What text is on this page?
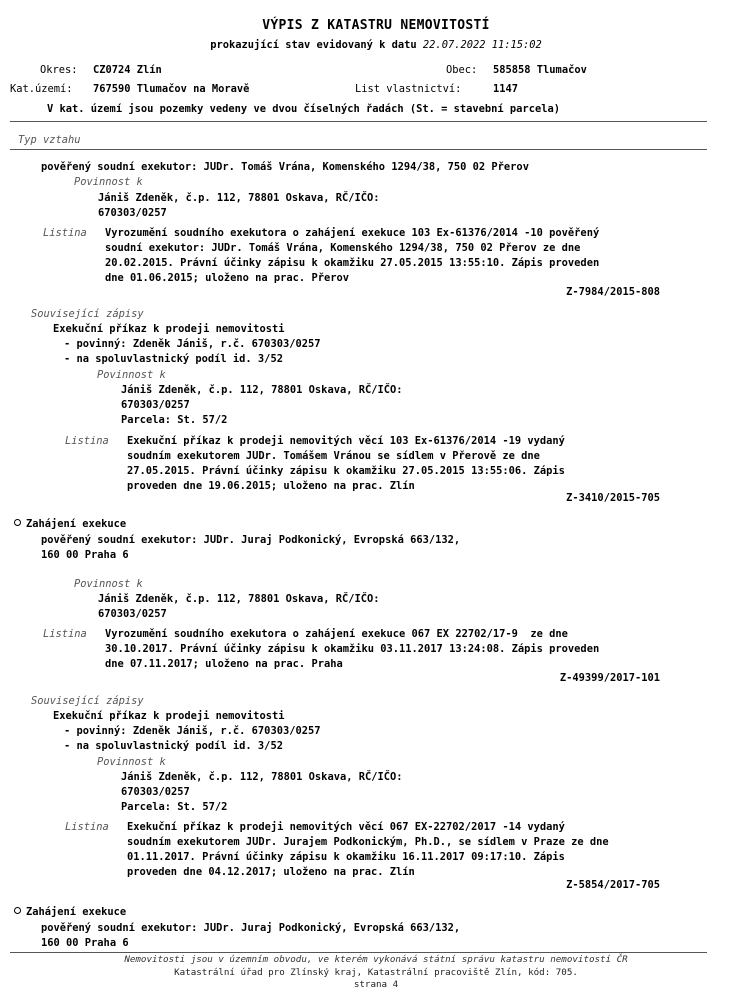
VÝPIS Z KATASTRU NEMOVITOSTÍ
prokazující stav evidovaný k datu 22.07.2022 11:15:02
Okres: CZ0724 Zlín	Obec: 585858 Tlumačov
Kat.území: 767590 Tlumačov na Moravě	List vlastnictví:	1147
V kat. území jsou pozemky vedeny ve dvou číselných řadách (St. = stavební parcela)
Typ vztahu
pověřený soudní exekutor: JUDr. Tomáš Vrána, Komenského 1294/38, 750 02 Přerov
Povinnost k
Jániš Zdeněk, č.p. 112, 78801 Oskava, RČ/IČO:
670303/0257
Listina Vyrozumění soudního exekutora o zahájení exekuce 103 Ex-61376/2014 -10 pověřený
soudní exekutor: JUDr. Tomáš Vrána, Komenského 1294/38, 750 02 Přerov ze dne
20.02.2015. Právní účinky zápisu k okamžiku 27.05.2015 13:55:10. Zápis proveden
dne 01.06.2015; uloženo na prac. Přerov
Z-7984/2015-808
Související zápisy
Exekuční příkaz k prodeji nemovitosti
- povinný: Zdeněk Jániš, r.č. 670303/0257
- na spoluvlastnický podíl id. 3/52
Povinnost k
Jániš Zdeněk, č.p. 112, 78801 Oskava, RČ/IČO:
670303/0257
Parcela: St. 57/2
Listina Exekuční příkaz k prodeji nemovitých věcí 103 Ex-61376/2014 -19 vydaný
soudním exekutorem JUDr. Tomášem Vránou se sídlem v Přerově ze dne
27.05.2015. Právní účinky zápisu k okamžiku 27.05.2015 13:55:06. Zápis
proveden dne 19.06.2015; uloženo na prac. Zlín
Z-3410/2015-705
Zahájení exekuce
pověřený soudní exekutor: JUDr. Juraj Podkonický, Evropská 663/132,
160 00 Praha 6
Povinnost k
Jániš Zdeněk, č.p. 112, 78801 Oskava, RČ/IČO:
670303/0257
Listina Vyrozumění soudního exekutora o zahájení exekuce 067 EX 22702/17-9  ze dne
30.10.2017. Právní účinky zápisu k okamžiku 03.11.2017 13:24:08. Zápis proveden
dne 07.11.2017; uloženo na prac. Praha
Z-49399/2017-101
Související zápisy
Exekuční příkaz k prodeji nemovitosti
- povinný: Zdeněk Jániš, r.č. 670303/0257
- na spoluvlastnický podíl id. 3/52
Povinnost k
Jániš Zdeněk, č.p. 112, 78801 Oskava, RČ/IČO:
670303/0257
Parcela: St. 57/2
Listina Exekuční příkaz k prodeji nemovitých věcí 067 EX-22702/2017 -14 vydaný
soudním exekutorem JUDr. Jurajem Podkonickým, Ph.D., se sídlem v Praze ze dne
01.11.2017. Právní účinky zápisu k okamžiku 16.11.2017 09:17:10. Zápis
proveden dne 04.12.2017; uloženo na prac. Zlín
Z-5854/2017-705
Zahájení exekuce
pověřený soudní exekutor: JUDr. Juraj Podkonický, Evropská 663/132,
160 00 Praha 6
Nemovitosti jsou v územním obvodu, ve kterém vykonává státní správu katastru nemovitostí ČR
Katastrální úřad pro Zlínský kraj, Katastrální pracoviště Zlín, kód: 705.
strana 4
